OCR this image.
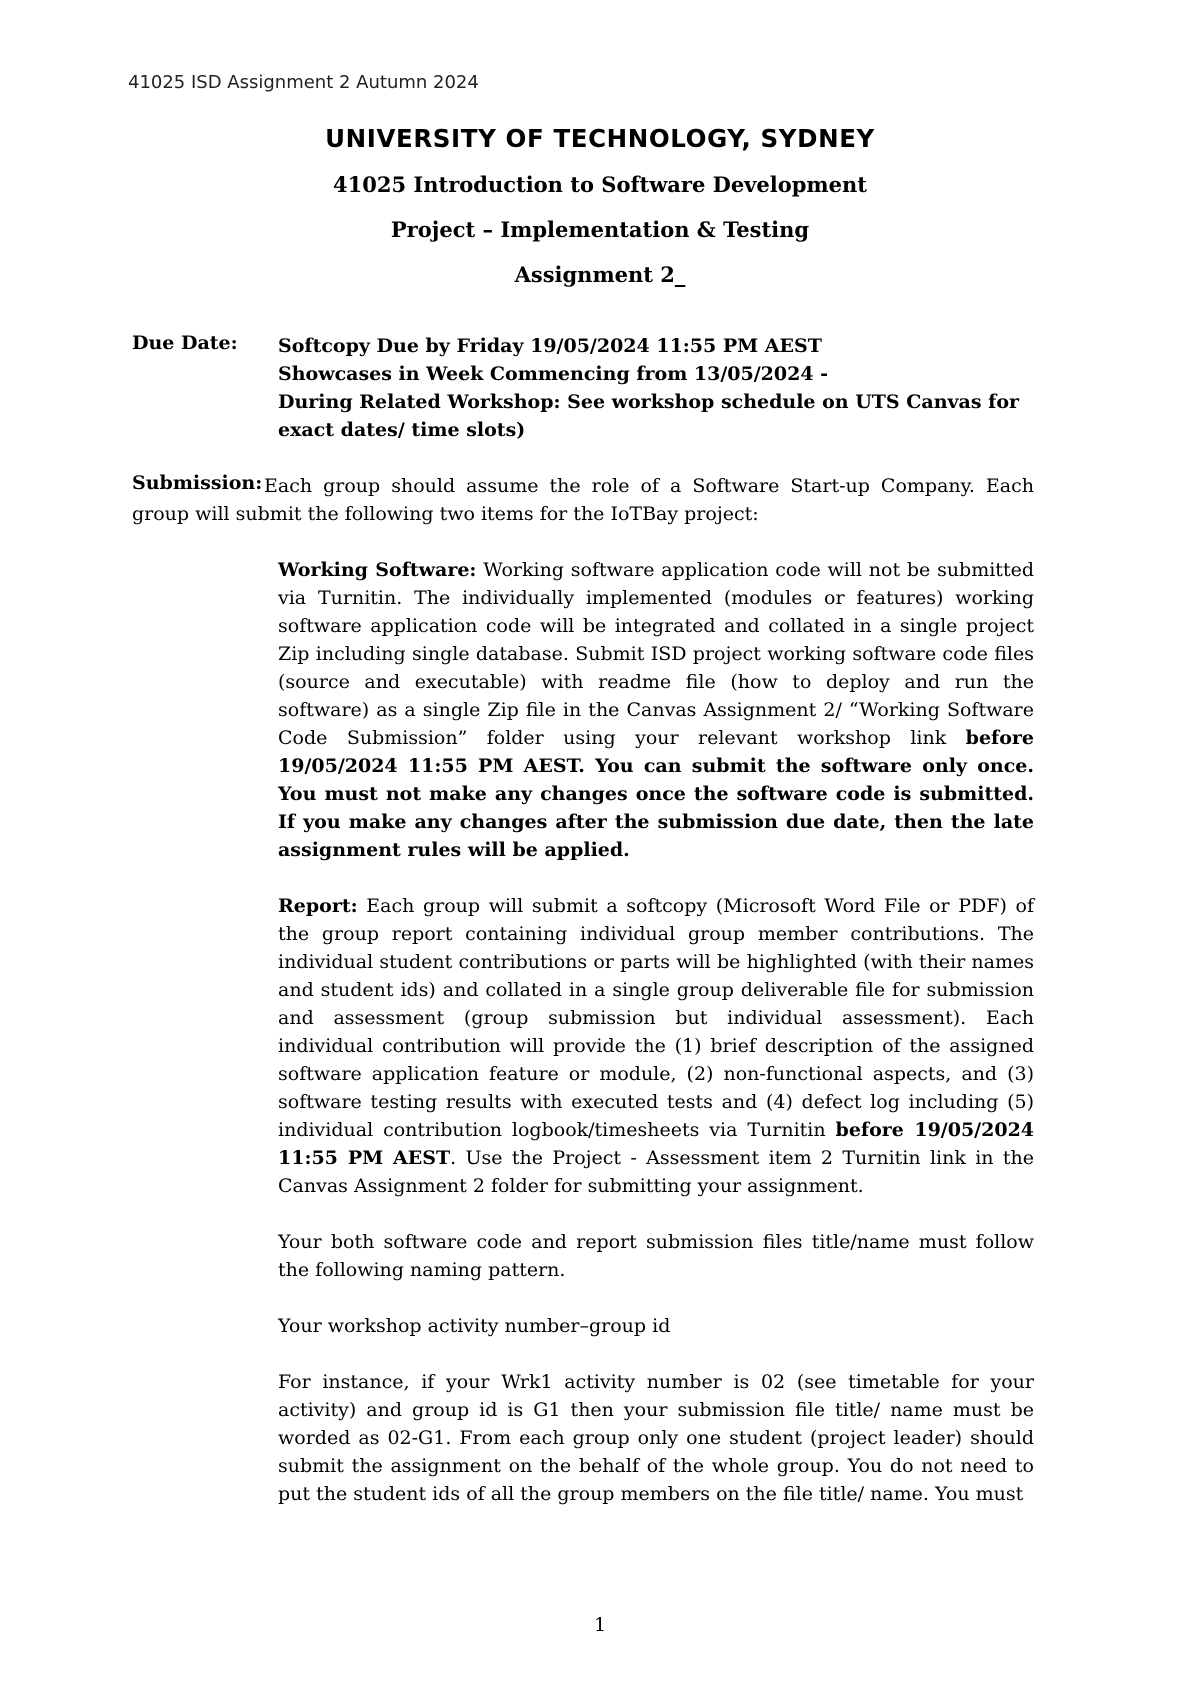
41025 ISD Assignment 2 Autumn 2024
UNIVERSITY OF TECHNOLOGY, SYDNEY
41025 Introduction to Software Development
Project – Implementation & Testing
Assignment 2_
Due Date: Softcopy Due by Friday 19/05/2024 11:55 PM AEST

Showcases in Week Commencing from 13/05/2024 -

During Related Workshop: See workshop schedule on UTS Canvas for exact dates/ time slots)

Submission: Each group should assume the role of a Software Start-up Company. Each group will submit the following two items for the IoTBay project:

Working Software: Working software application code will not be submitted via Turnitin. The individually implemented (modules or features) working software application code will be integrated and collated in a single project Zip including single database. Submit ISD project working software code files (source and executable) with readme file (how to deploy and run the software) as a single Zip file in the Canvas Assignment 2/ “Working Software Code Submission” folder using your relevant workshop link before 19/05/2024 11:55 PM AEST. You can submit the software only once. You must not make any changes once the software code is submitted. If you make any changes after the submission due date, then the late assignment rules will be applied.

Report: Each group will submit a softcopy (Microsoft Word File or PDF) of the group report containing individual group member contributions. The individual student contributions or parts will be highlighted (with their names and student ids) and collated in a single group deliverable file for submission and assessment (group submission but individual assessment). Each individual contribution will provide the (1) brief description of the assigned software application feature or module, (2) non-functional aspects, and (3) software testing results with executed tests and (4) defect log including (5) individual contribution logbook/timesheets via Turnitin before 19/05/2024 11:55 PM AEST. Use the Project - Assessment item 2 Turnitin link in the Canvas Assignment 2 folder for submitting your assignment.

Your both software code and report submission files title/name must follow the following naming pattern.

Your workshop activity number–group id

For instance, if your Wrk1 activity number is 02 (see timetable for your activity) and group id is G1 then your submission file title/ name must be worded as 02-G1. From each group only one student (project leader) should submit the assignment on the behalf of the whole group. You do not need to put the student ids of all the group members on the file title/ name. You must

1
